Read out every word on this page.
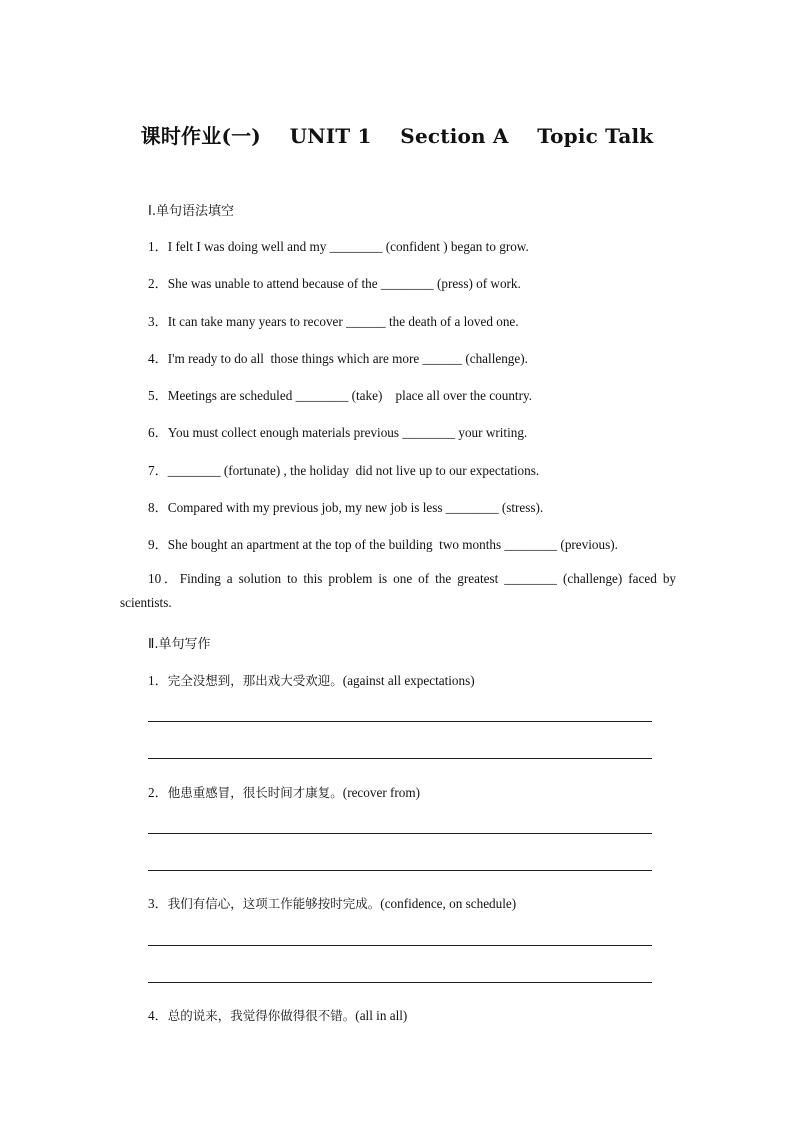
课时作业(一)    UNIT 1    Section A    Topic Talk
Ⅰ.单句语法填空
1．I felt I was doing well and my ________ (confident ) began to grow.
2．She was unable to attend because of the ________ (press) of work.
3．It can take many years to recover ______ the death of a loved one.
4．I'm ready to do all  those things which are more ______ (challenge).
5．Meetings are scheduled ________ (take)    place all over the country.
6．You must collect enough materials previous ________ your writing.
7．________ (fortunate) , the holiday  did not live up to our expectations.
8．Compared with my previous job, my new job is less ________ (stress).
9．She bought an apartment at the top of the building  two months ________ (previous).
10．Finding a solution to this problem is one of the greatest ________ (challenge) faced by scientists.
Ⅱ.单句写作
1．完全没想到，那出戏大受欢迎。(against all expectations)
2．他患重感冒，很长时间才康复。(recover from)
3．我们有信心，这项工作能够按时完成。(confidence, on schedule)
4．总的说来，我觉得你做得很不错。(all in all)
